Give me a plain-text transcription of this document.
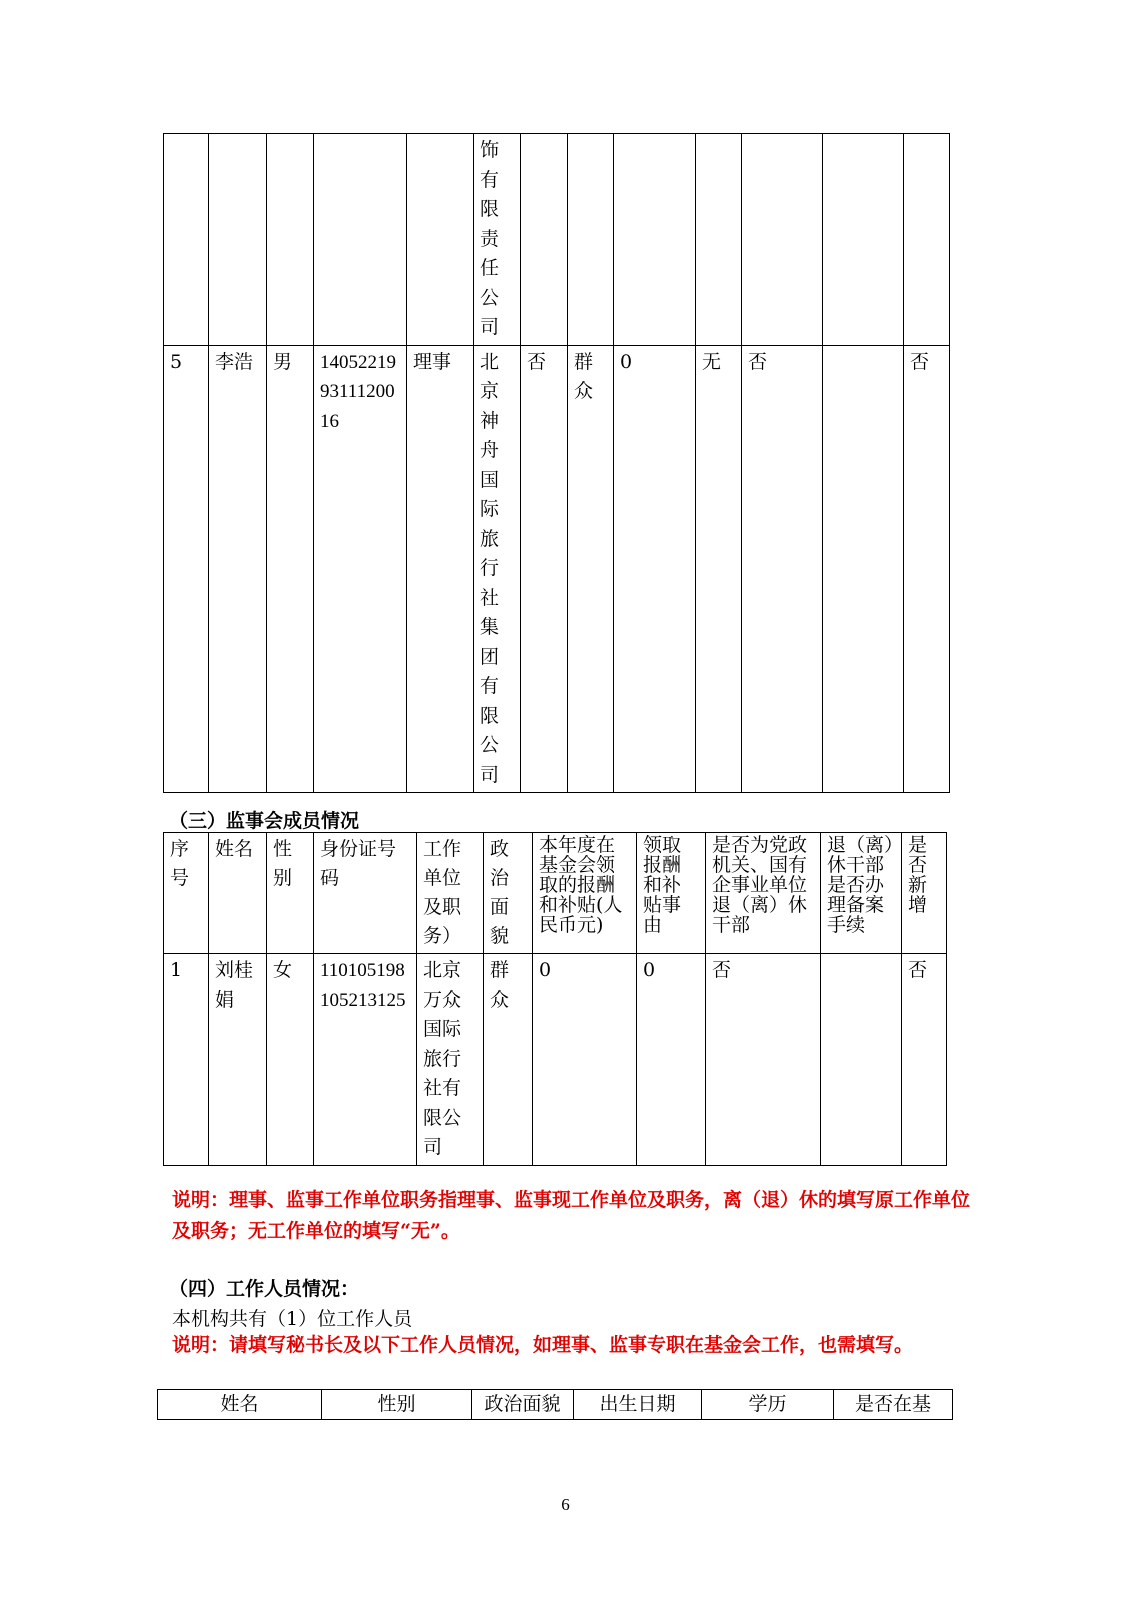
					饰有限责任公司							
5	李浩	男	140522199311120016	理事	北京神舟国际旅行社集团有限公司	否	群众	0	无	否		否
（三）监事会成员情况
序号	姓名	性别	身份证号码	工作单位及职务）	政治面貌	本年度在基金会领取的报酬和补贴(人民币元)	领取报酬和补贴事由	是否为党政机关、国有企事业单位退（离）休干部	退（离）休干部是否办理备案手续	是否新增
1	刘桂娟	女	110105198105213125	北京万众国际旅行社有限公司	群众	0	0	否		否
说明：理事、监事工作单位职务指理事、监事现工作单位及职务，离（退）休的填写原工作单位及职务；无工作单位的填写“无”。
（四）工作人员情况：
本机构共有（1）位工作人员
说明：请填写秘书长及以下工作人员情况，如理事、监事专职在基金会工作，也需填写。
姓名	性别	政治面貌	出生日期	学历	是否在基
6
